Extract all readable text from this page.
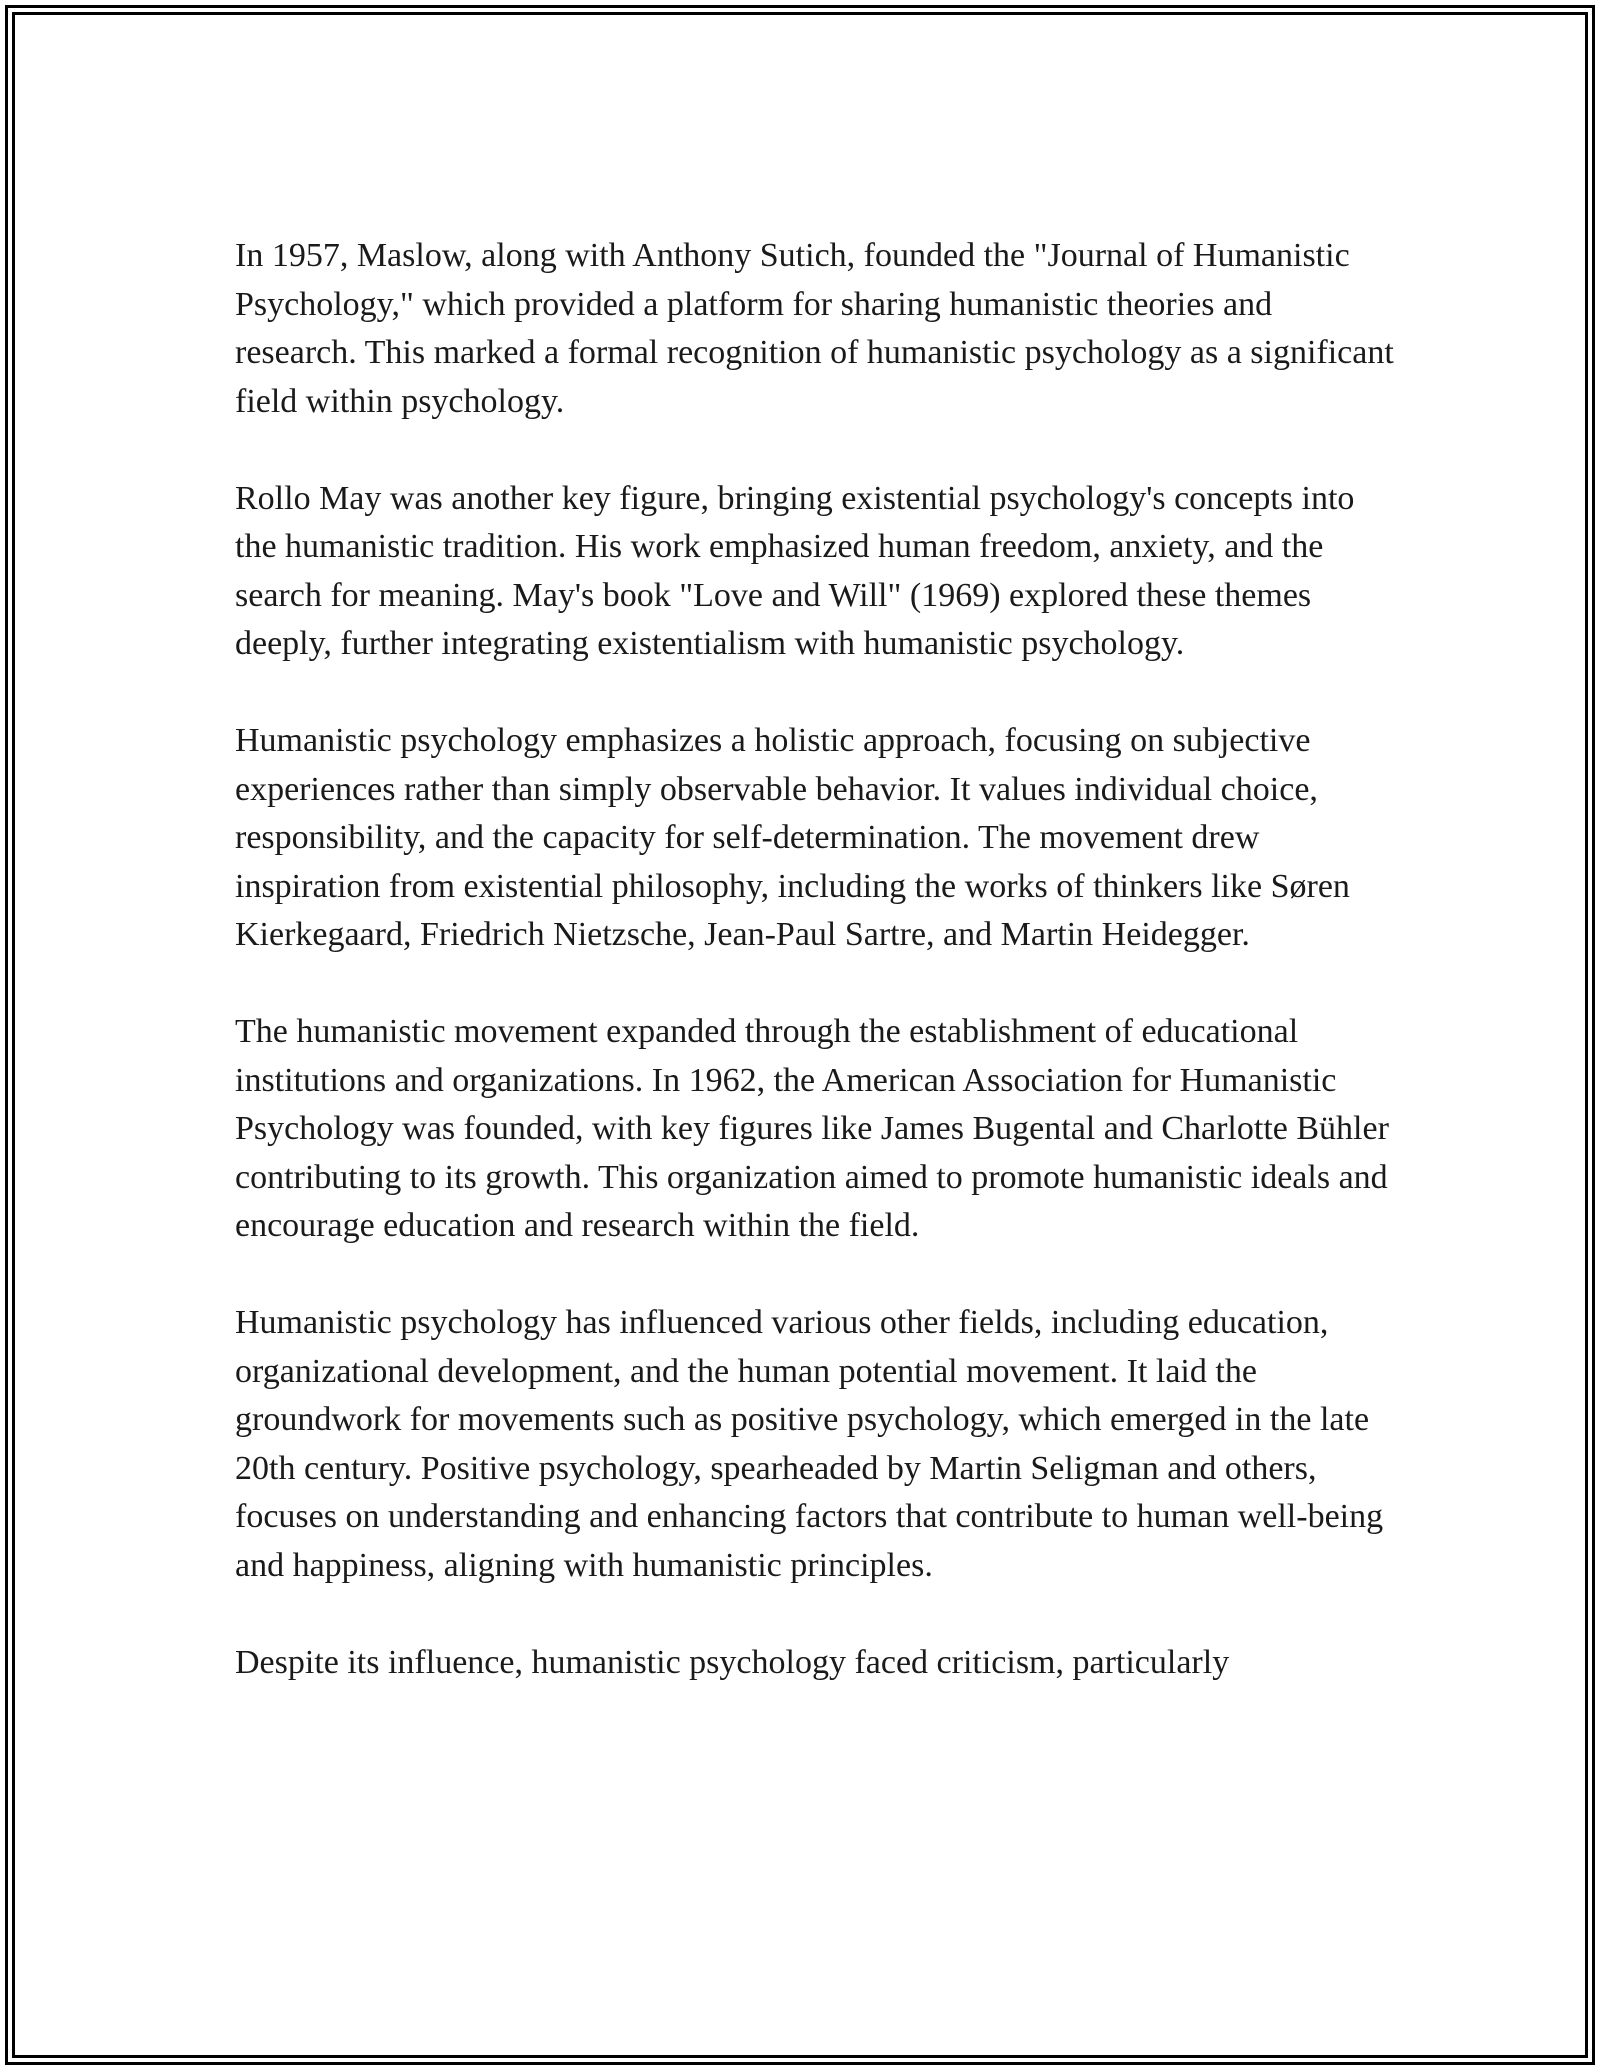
In 1957, Maslow, along with Anthony Sutich, founded the "Journal of Humanistic Psychology," which provided a platform for sharing humanistic theories and research. This marked a formal recognition of humanistic psychology as a significant field within psychology.

Rollo May was another key figure, bringing existential psychology's concepts into the humanistic tradition. His work emphasized human freedom, anxiety, and the search for meaning. May's book "Love and Will" (1969) explored these themes deeply, further integrating existentialism with humanistic psychology.

Humanistic psychology emphasizes a holistic approach, focusing on subjective experiences rather than simply observable behavior. It values individual choice, responsibility, and the capacity for self-determination. The movement drew inspiration from existential philosophy, including the works of thinkers like Søren Kierkegaard, Friedrich Nietzsche, Jean-Paul Sartre, and Martin Heidegger.

The humanistic movement expanded through the establishment of educational institutions and organizations. In 1962, the American Association for Humanistic Psychology was founded, with key figures like James Bugental and Charlotte Bühler contributing to its growth. This organization aimed to promote humanistic ideals and encourage education and research within the field.

Humanistic psychology has influenced various other fields, including education, organizational development, and the human potential movement. It laid the groundwork for movements such as positive psychology, which emerged in the late 20th century. Positive psychology, spearheaded by Martin Seligman and others, focuses on understanding and enhancing factors that contribute to human well-being and happiness, aligning with humanistic principles.

Despite its influence, humanistic psychology faced criticism, particularly
